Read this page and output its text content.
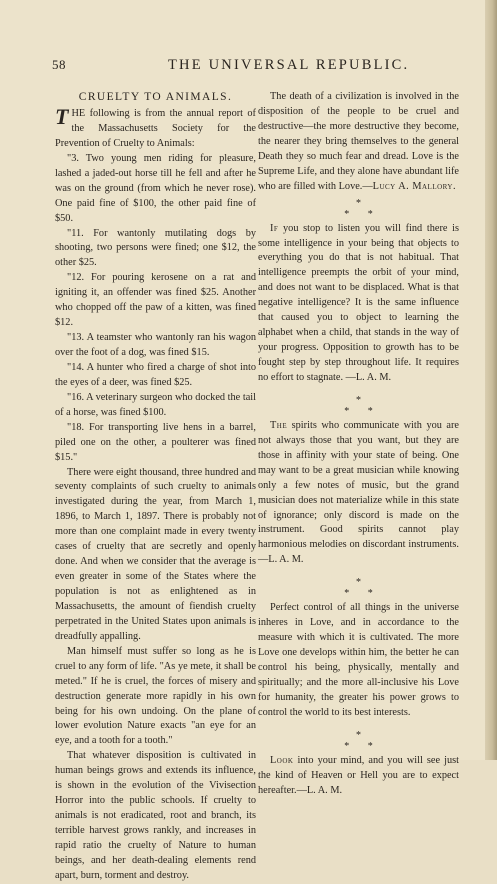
58	THE UNIVERSAL REPUBLIC.
CRUELTY TO ANIMALS.

THE following is from the annual report of the Massachusetts Society for the Prevention of Cruelty to Animals:

"3. Two young men riding for pleasure, lashed a jaded-out horse till he fell and after he was on the ground (from which he never rose). One paid fine of $100, the other paid fine of $50.

"11. For wantonly mutilating dogs by shooting, two persons were fined; one $12, the other $25.

"12. For pouring kerosene on a rat and igniting it, an offender was fined $25. Another who chopped off the paw of a kitten, was fined $12.

"13. A teamster who wantonly ran his wagon over the foot of a dog, was fined $15.

"14. A hunter who fired a charge of shot into the eyes of a deer, was fined $25.

"16. A veterinary surgeon who docked the tail of a horse, was fined $100.

"18. For transporting live hens in a barrel, piled one on the other, a poulterer was fined $15."

There were eight thousand, three hundred and seventy complaints of such cruelty to animals investigated during the year, from March 1, 1896, to March 1, 1897. There is probably not more than one complaint made in every twenty cases of cruelty that are secretly and openly done. And when we consider that the average is even greater in some of the States where the population is not as enlightened as in Massachusetts, the amount of fiendish cruelty perpetrated in the United States upon animals is dreadfully appalling.

Man himself must suffer so long as he is cruel to any form of life. "As ye mete, it shall be meted." If he is cruel, the forces of misery and destruction generate more rapidly in his own being for his own undoing. On the plane of lower evolution Nature exacts "an eye for an eye, and a tooth for a tooth."

That whatever disposition is cultivated in human beings grows and extends its influence, is shown in the evolution of the Vivisection Horror into the public schools. If cruelty to animals is not eradicated, root and branch, its terrible harvest grows rankly, and increases in rapid ratio the cruelty of Nature to human beings, and her death-dealing elements rend apart, burn, torment and destroy.

The death of a civilization is involved in the disposition of the people to be cruel and destructive—the more destructive they become, the nearer they bring themselves to the general Death they so much fear and dread. Love is the Supreme Life, and they alone have abundant life who are filled with Love.—Lucy A. Mallory.

*
* *

If you stop to listen you will find there is some intelligence in your being that objects to everything you do that is not habitual. That intelligence preempts the orbit of your mind, and does not want to be displaced. What is that negative intelligence? It is the same influence that caused you to object to learning the alphabet when a child, that stands in the way of your progress. Opposition to growth has to be fought step by step throughout life. It requires no effort to stagnate. —L. A. M.

*
* *

The spirits who communicate with you are not always those that you want, but they are those in affinity with your state of being. One may want to be a great musician while knowing only a few notes of music, but the grand musician does not materialize while in this state of ignorance; only discord is made on the instrument. Good spirits cannot play harmonious melodies on discordant instruments.—L. A. M.

*
* *

Perfect control of all things in the universe inheres in Love, and in accordance to the measure with which it is cultivated. The more Love one develops within him, the better he can control his being, physically, mentally and spiritually; and the more all-inclusive his Love for humanity, the greater his power grows to control the world to its best interests.

*
* *

Look into your mind, and you will see just the kind of Heaven or Hell you are to expect hereafter.—L. A. M.
